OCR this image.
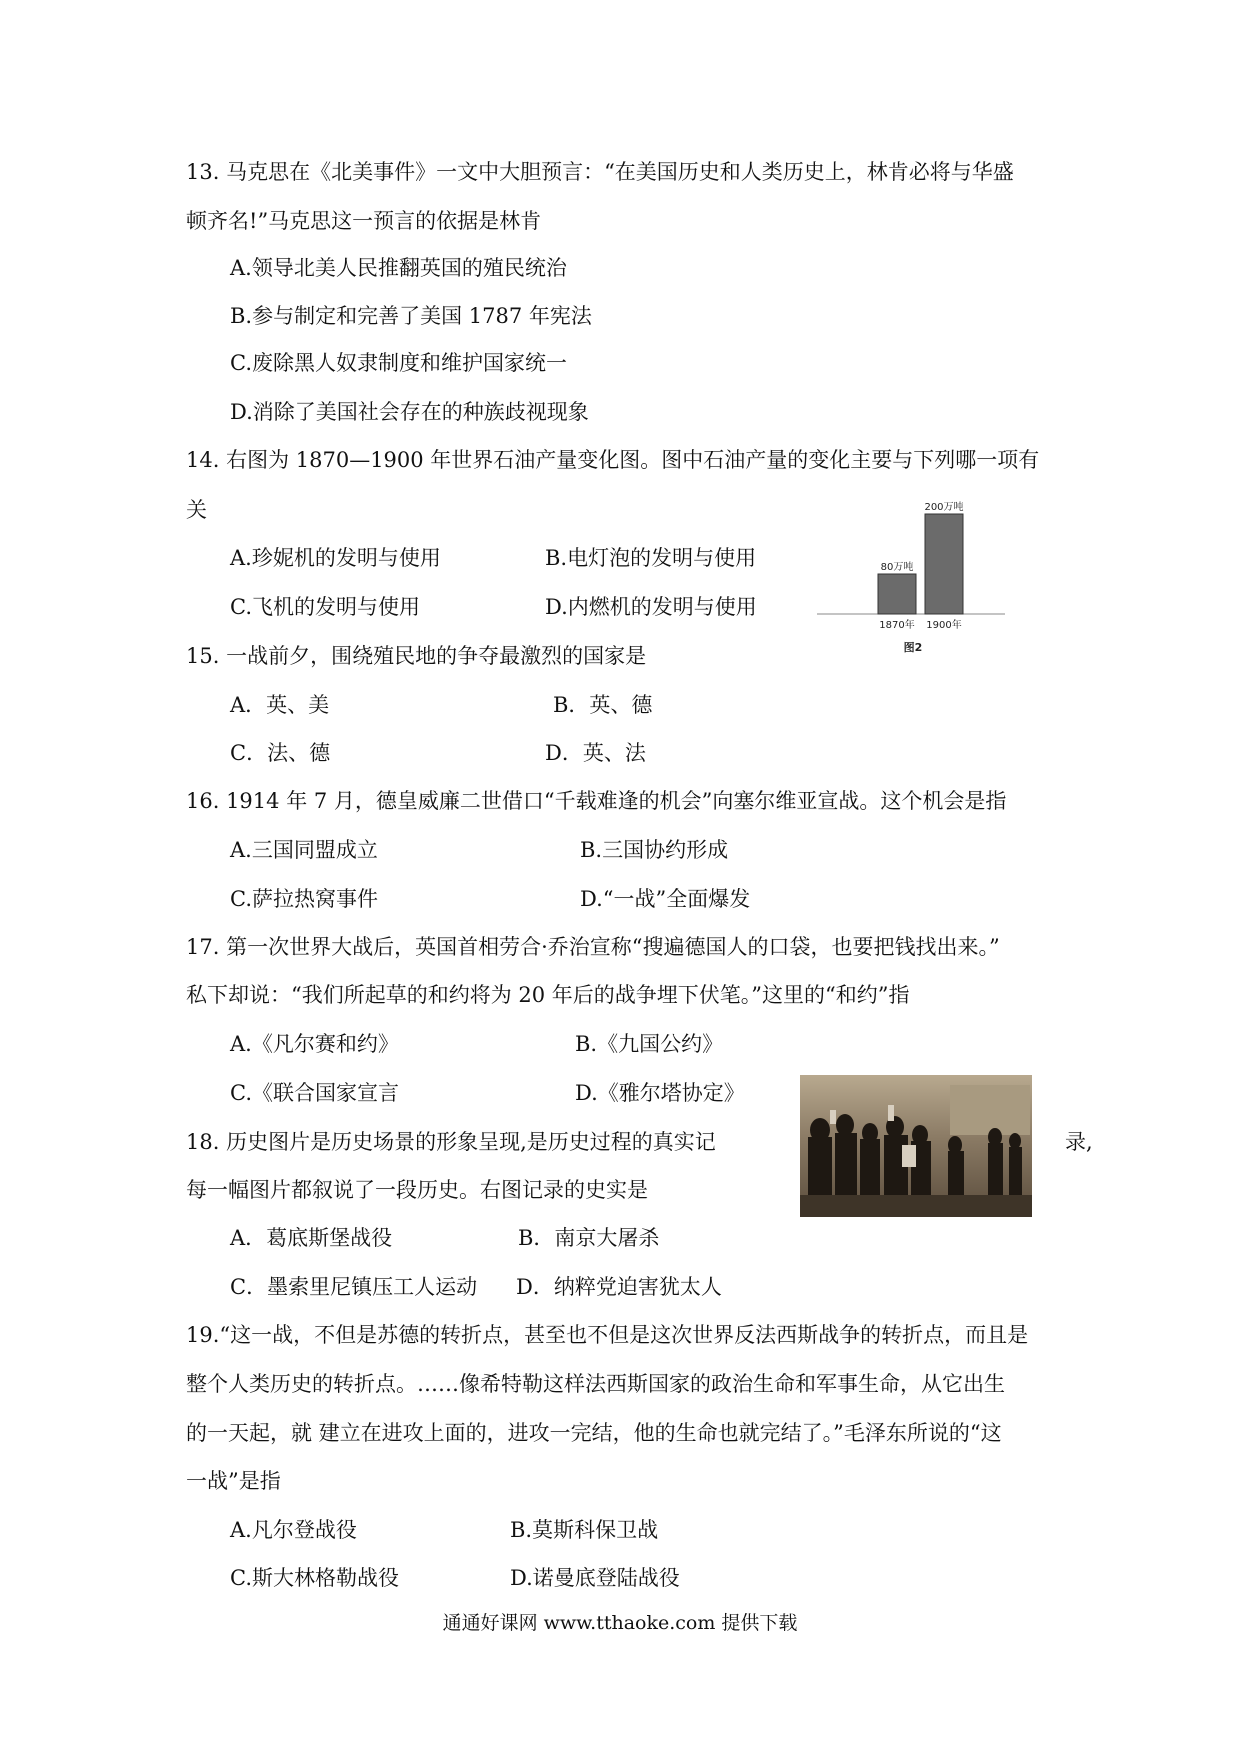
13. 马克思在《北美事件》一文中大胆预言：“在美国历史和人类历史上，林肯必将与华盛
顿齐名!”马克思这一预言的依据是林肯
A.领导北美人民推翻英国的殖民统治
B.参与制定和完善了美国 1787 年宪法
C.废除黑人奴隶制度和维护国家统一
D.消除了美国社会存在的种族歧视现象
14. 右图为 1870—1900 年世界石油产量变化图。图中石油产量的变化主要与下列哪一项有
关
A.珍妮机的发明与使用	B.电灯泡的发明与使用
C.飞机的发明与使用	D.内燃机的发明与使用
80万吨
1870年
200万吨
1900年
图2
15. 一战前夕，围绕殖民地的争夺最激烈的国家是
A．英、美	B．英、德
C．法、德	D．英、法
16. 1914 年 7 月，德皇威廉二世借口“千载难逢的机会”向塞尔维亚宣战。这个机会是指
A.三国同盟成立	B.三国协约形成
C.萨拉热窝事件	D.“一战”全面爆发
17. 第一次世界大战后，英国首相劳合·乔治宣称“搜遍德国人的口袋，也要把钱找出来。”
私下却说：“我们所起草的和约将为 20 年后的战争埋下伏笔。”这里的“和约”指
A.《凡尔赛和约》	B.《九国公约》
C.《联合国家宣言	D.《雅尔塔协定》
18. 历史图片是历史场景的形象呈现,是历史过程的真实记	录,
每一幅图片都叙说了一段历史。右图记录的史实是
A．葛底斯堡战役	B．南京大屠杀
C．墨索里尼镇压工人运动 D．纳粹党迫害犹太人
19.“这一战，不但是苏德的转折点，甚至也不但是这次世界反法西斯战争的转折点，而且是
整个人类历史的转折点。……像希特勒这样法西斯国家的政治生命和军事生命，从它出生
的一天起，就 建立在进攻上面的，进攻一完结，他的生命也就完结了。”毛泽东所说的“这
一战”是指
A.凡尔登战役	B.莫斯科保卫战
C.斯大林格勒战役	D.诺曼底登陆战役
通通好课网 www.tthaoke.com 提供下载
